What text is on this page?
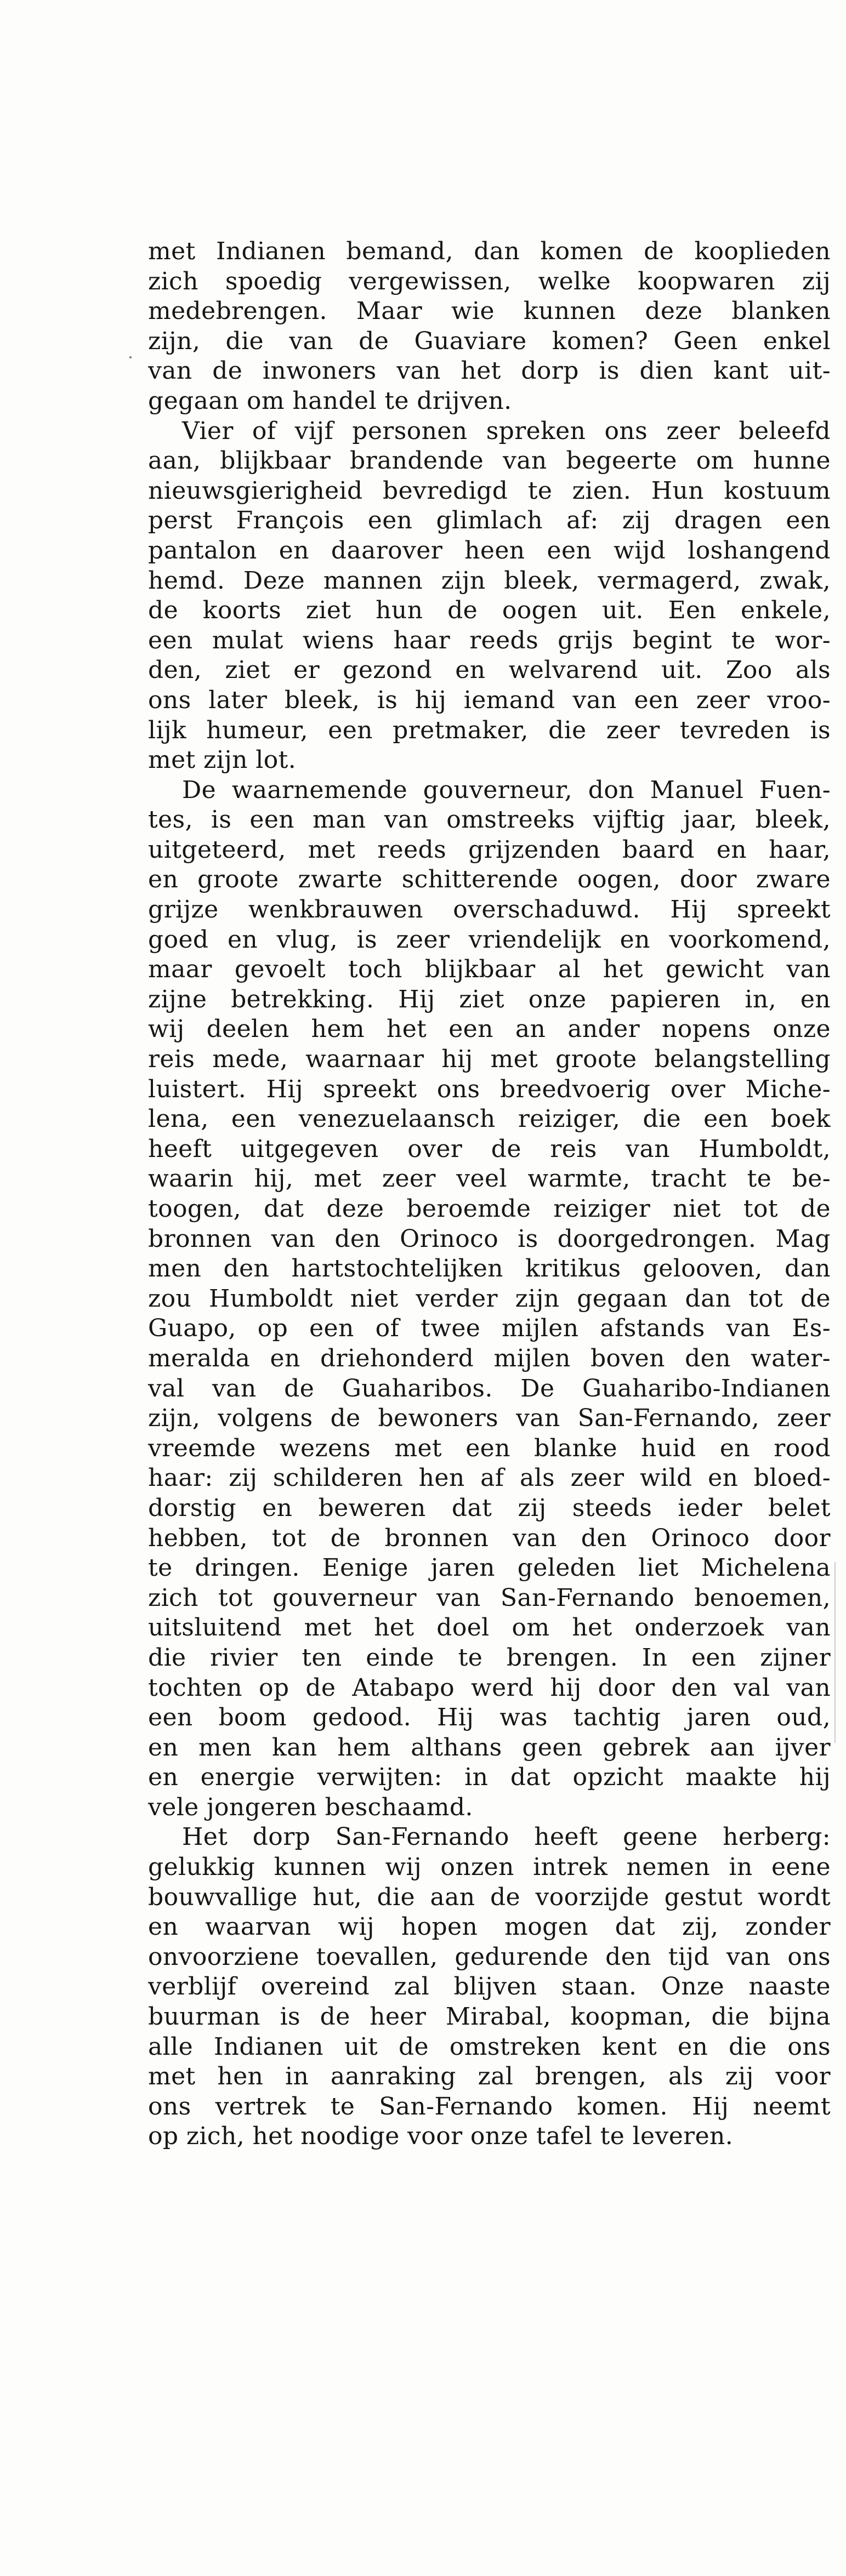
met Indianen bemand, dan komen de kooplieden
zich spoedig vergewissen, welke koopwaren zij
medebrengen. Maar wie kunnen deze blanken
zijn, die van de Guaviare komen? Geen enkel
van de inwoners van het dorp is dien kant uit-
gegaan om handel te drijven.
Vier of vijf personen spreken ons zeer beleefd
aan, blijkbaar brandende van begeerte om hunne
nieuwsgierigheid bevredigd te zien. Hun kostuum
perst François een glimlach af: zij dragen een
pantalon en daarover heen een wijd loshangend
hemd. Deze mannen zijn bleek, vermagerd, zwak,
de koorts ziet hun de oogen uit. Een enkele,
een mulat wiens haar reeds grijs begint te wor-
den, ziet er gezond en welvarend uit. Zoo als
ons later bleek, is hij iemand van een zeer vroo-
lijk humeur, een pretmaker, die zeer tevreden is
met zijn lot.
De waarnemende gouverneur, don Manuel Fuen-
tes, is een man van omstreeks vijftig jaar, bleek,
uitgeteerd, met reeds grijzenden baard en haar,
en groote zwarte schitterende oogen, door zware
grijze wenkbrauwen overschaduwd. Hij spreekt
goed en vlug, is zeer vriendelijk en voorkomend,
maar gevoelt toch blijkbaar al het gewicht van
zijne betrekking. Hij ziet onze papieren in, en
wij deelen hem het een an ander nopens onze
reis mede, waarnaar hij met groote belangstelling
luistert. Hij spreekt ons breedvoerig over Miche-
lena, een venezuelaansch reiziger, die een boek
heeft uitgegeven over de reis van Humboldt,
waarin hij, met zeer veel warmte, tracht te be-
toogen, dat deze beroemde reiziger niet tot de
bronnen van den Orinoco is doorgedrongen. Mag
men den hartstochtelijken kritikus gelooven, dan
zou Humboldt niet verder zijn gegaan dan tot de
Guapo, op een of twee mijlen afstands van Es-
meralda en driehonderd mijlen boven den water-
val van de Guaharibos. De Guaharibo-Indianen
zijn, volgens de bewoners van San-Fernando, zeer
vreemde wezens met een blanke huid en rood
haar: zij schilderen hen af als zeer wild en bloed-
dorstig en beweren dat zij steeds ieder belet
hebben, tot de bronnen van den Orinoco door
te dringen. Eenige jaren geleden liet Michelena
zich tot gouverneur van San-Fernando benoemen,
uitsluitend met het doel om het onderzoek van
die rivier ten einde te brengen. In een zijner
tochten op de Atabapo werd hij door den val van
een boom gedood. Hij was tachtig jaren oud,
en men kan hem althans geen gebrek aan ijver
en energie verwijten: in dat opzicht maakte hij
vele jongeren beschaamd.
Het dorp San-Fernando heeft geene herberg:
gelukkig kunnen wij onzen intrek nemen in eene
bouwvallige hut, die aan de voorzijde gestut wordt
en waarvan wij hopen mogen dat zij, zonder
onvoorziene toevallen, gedurende den tijd van ons
verblijf overeind zal blijven staan. Onze naaste
buurman is de heer Mirabal, koopman, die bijna
alle Indianen uit de omstreken kent en die ons
met hen in aanraking zal brengen, als zij voor
ons vertrek te San-Fernando komen. Hij neemt
op zich, het noodige voor onze tafel te leveren.
